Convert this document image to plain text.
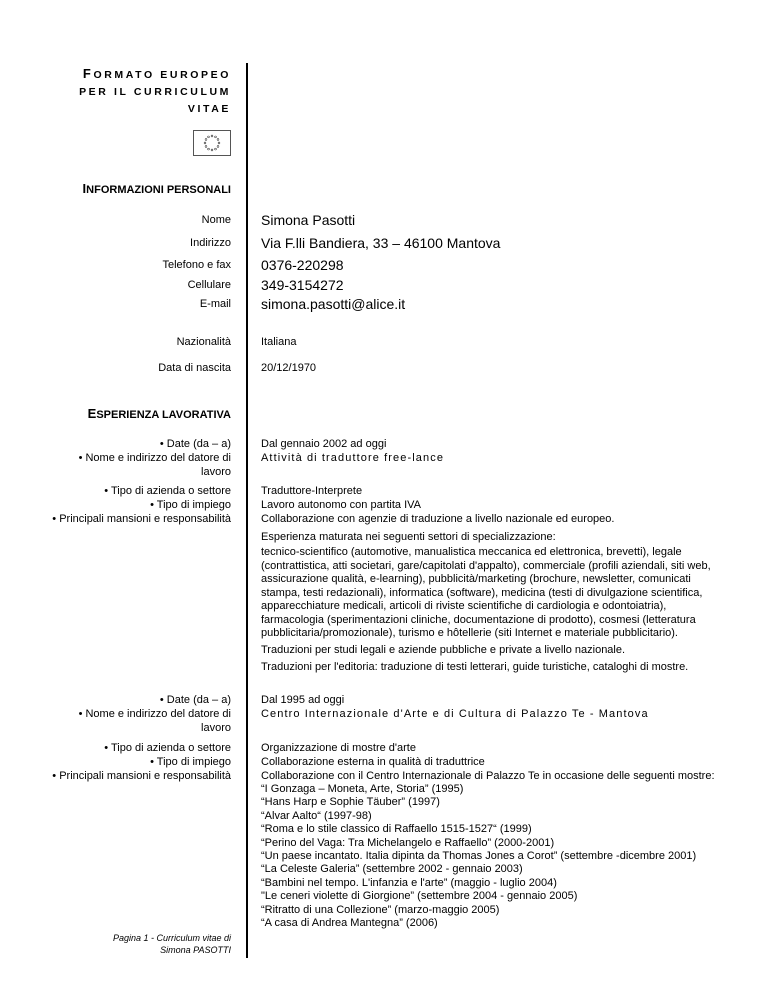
FORMATO EUROPEO
PER IL CURRICULUM
VITAE
INFORMAZIONI PERSONALI
Nome Simona Pasotti
Indirizzo Via F.lli Bandiera, 33 – 46100 Mantova
Telefono e fax 0376-220298
Cellulare 349-3154272
E-mail simona.pasotti@alice.it
Nazionalità	Italiana
Data di nascita	20/12/1970
ESPERIENZA LAVORATIVA
• Date (da – a)
• Nome e indirizzo del datore di lavoro
• Tipo di azienda o settore
• Tipo di impiego
• Principali mansioni e responsabilità
Dal gennaio 2002 ad oggi
Attività di traduttore free-lance
Traduttore-Interprete
Lavoro autonomo con partita IVA
Collaborazione con agenzie di traduzione a livello nazionale ed europeo.
Esperienza maturata nei seguenti settori di specializzazione:
tecnico-scientifico (automotive, manualistica meccanica ed elettronica, brevetti), legale (contrattistica, atti societari, gare/capitolati d'appalto), commerciale (profili aziendali, siti web, assicurazione qualità, e-learning), pubblicità/marketing (brochure, newsletter, comunicati stampa, testi redazionali), informatica (software), medicina (testi di divulgazione scientifica, apparecchiature medicali, articoli di riviste scientifiche di cardiologia e odontoiatria), farmacologia (sperimentazioni cliniche, documentazione di prodotto), cosmesi (letteratura pubblicitaria/promozionale), turismo e hôtellerie (siti Internet e materiale pubblicitario).
Traduzioni per studi legali e aziende pubbliche e private a livello nazionale.
Traduzioni per l'editoria: traduzione di testi letterari, guide turistiche, cataloghi di mostre.
• Date (da – a)
• Nome e indirizzo del datore di lavoro
• Tipo di azienda o settore
• Tipo di impiego
• Principali mansioni e responsabilità
Dal 1995 ad oggi
Centro Internazionale d'Arte e di Cultura di Palazzo Te - Mantova
Organizzazione di mostre d'arte
Collaborazione esterna in qualità di traduttrice
Collaborazione con il Centro Internazionale di Palazzo Te in occasione delle seguenti mostre:
“I Gonzaga – Moneta, Arte, Storia” (1995)
“Hans Harp e Sophie Täuber” (1997)
“Alvar Aalto“ (1997-98)
“Roma e lo stile classico di Raffaello 1515-1527“ (1999)
“Perino del Vaga: Tra Michelangelo e Raffaello” (2000-2001)
“Un paese incantato. Italia dipinta da Thomas Jones a Corot” (settembre -dicembre 2001)
“La Celeste Galeria” (settembre 2002 - gennaio 2003)
“Bambini nel tempo. L'infanzia e l'arte” (maggio - luglio 2004)
"Le ceneri violette di Giorgione” (settembre 2004 - gennaio 2005)
“Ritratto di una Collezione” (marzo-maggio 2005)
“A casa di Andrea Mantegna” (2006)
Pagina 1 - Curriculum vitae di
Simona PASOTTI
